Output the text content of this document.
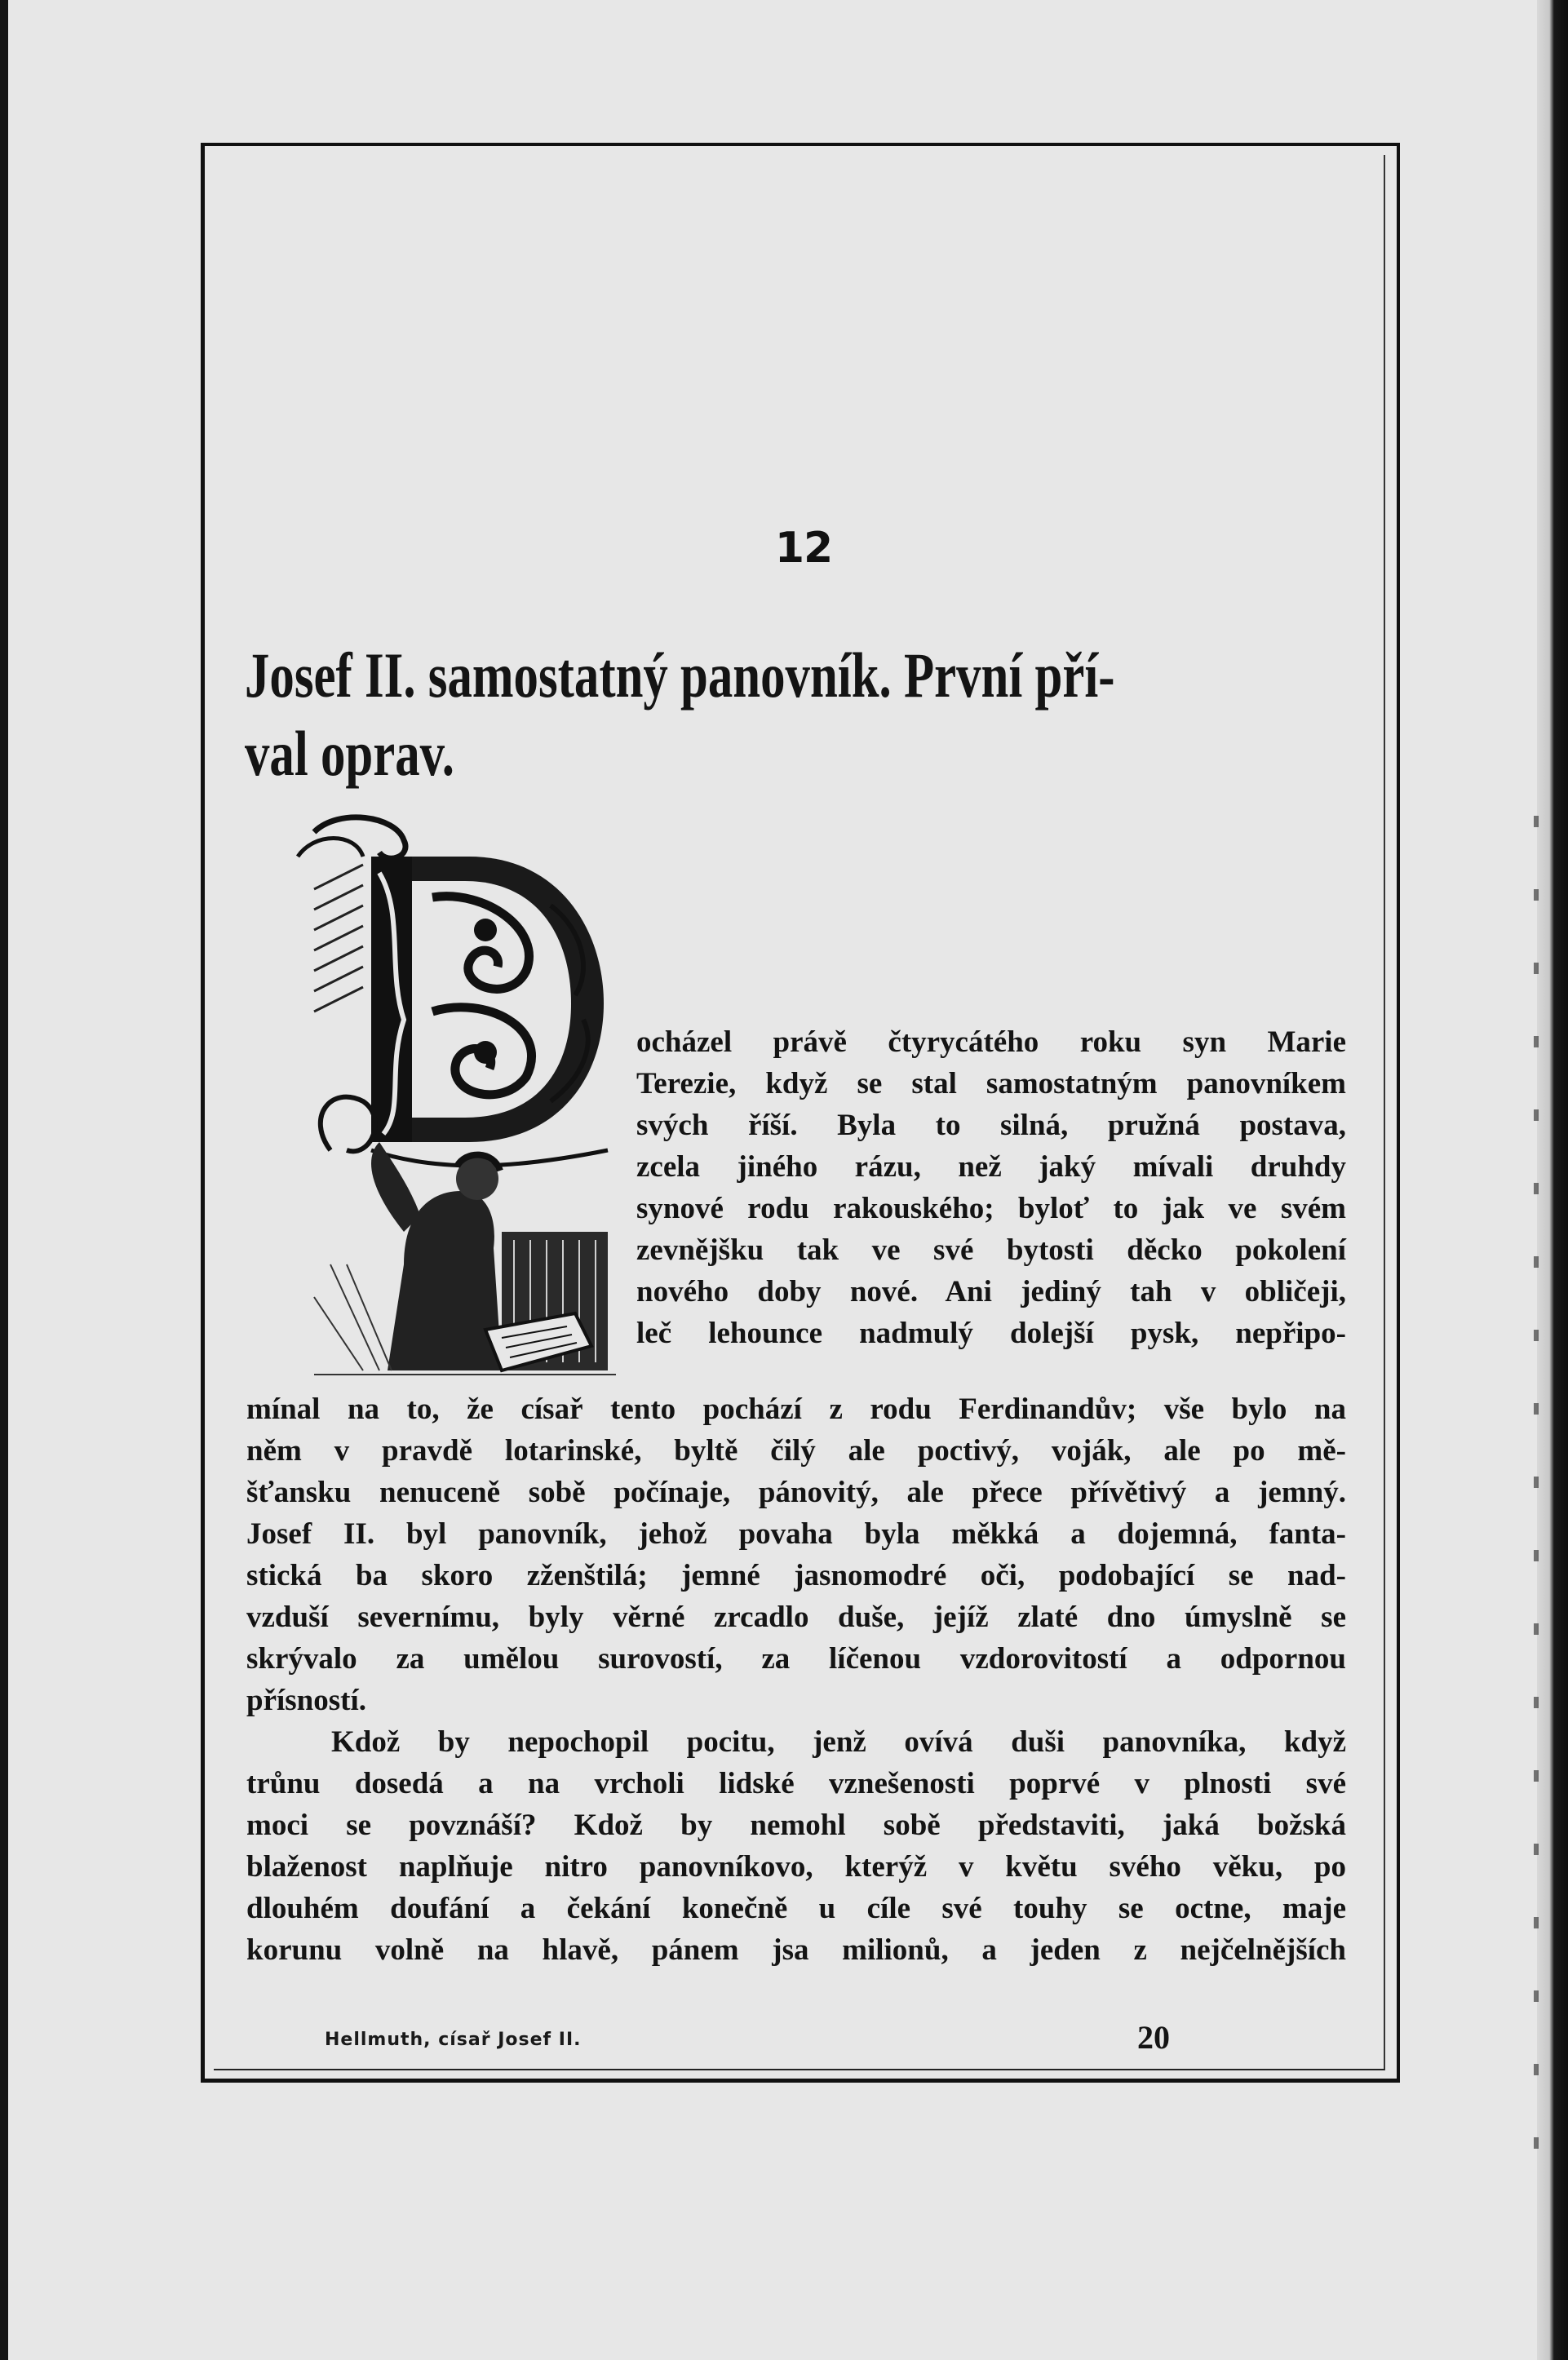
12
Josef II. samostatný panovník. První pří-
val oprav.
ocházel právě čtyrycátého roku syn Marie
Terezie, když se stal samostatným panovníkem
svých říší. Byla to silná, pružná postava,
zcela jiného rázu, než jaký mívali druhdy
synové rodu rakouského; byloť to jak ve svém
zevnějšku tak ve své bytosti děcko pokolení
nového doby nové. Ani jediný tah v obličeji,
leč lehounce nadmulý dolejší pysk, nepřipo-
mínal na to, že císař tento pochází z rodu Ferdinandův; vše bylo na
něm v pravdě lotarinské, byltě čilý ale poctivý, voják, ale po mě-
šťansku nenuceně sobě počínaje, pánovitý, ale přece přívětivý a jemný.
Josef II. byl panovník, jehož povaha byla měkká a dojemná, fanta-
stická ba skoro zženštilá; jemné jasnomodré oči, podobající se nad-
vzduší severnímu, byly věrné zrcadlo duše, jejíž zlaté dno úmyslně se
skrývalo za umělou surovostí, za líčenou vzdorovitostí a odpornou
přísností.
Kdož by nepochopil pocitu, jenž ovívá duši panovníka, když
trůnu dosedá a na vrcholi lidské vznešenosti poprvé v plnosti své
moci se povznáší? Kdož by nemohl sobě představiti, jaká božská
blaženost naplňuje nitro panovníkovo, kterýž v květu svého věku, po
dlouhém doufání a čekání konečně u cíle své touhy se octne, maje
korunu volně na hlavě, pánem jsa milionů, a jeden z nejčelnějších
Hellmuth, císař Josef II.	20
